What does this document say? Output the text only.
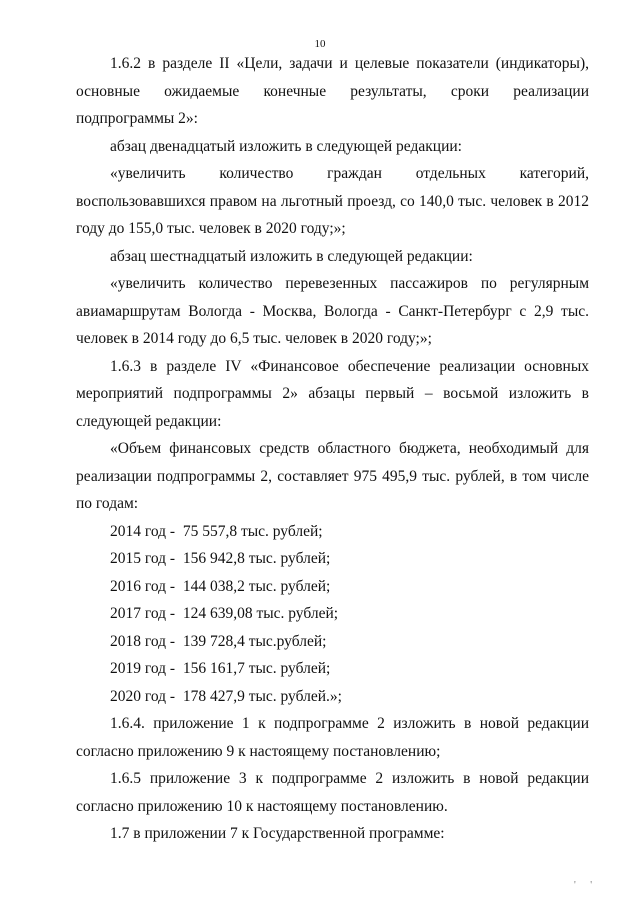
10

1.6.2 в разделе II «Цели, задачи и целевые показатели (индикаторы), основные ожидаемые конечные результаты, сроки реализации подпрограммы 2»:

абзац двенадцатый изложить в следующей редакции:

«увеличить количество граждан отдельных категорий, воспользовавшихся правом на льготный проезд, со 140,0 тыс. человек в 2012 году до 155,0 тыс. человек в 2020 году;»;

абзац шестнадцатый изложить в следующей редакции:

«увеличить количество перевезенных пассажиров по регулярным авиамаршрутам Вологда - Москва, Вологда - Санкт-Петербург с 2,9 тыс. человек в 2014 году до 6,5 тыс. человек в 2020 году;»;

1.6.3 в разделе IV «Финансовое обеспечение реализации основных мероприятий подпрограммы 2» абзацы первый – восьмой изложить в следующей редакции:

«Объем финансовых средств областного бюджета, необходимый для реализации подпрограммы 2, составляет 975 495,9 тыс. рублей, в том числе по годам:

2014 год -  75 557,8 тыс. рублей;
2015 год -  156 942,8 тыс. рублей;
2016 год -  144 038,2 тыс. рублей;
2017 год -  124 639,08 тыс. рублей;
2018 год -  139 728,4 тыс.рублей;
2019 год -  156 161,7 тыс. рублей;
2020 год -  178 427,9 тыс. рублей.»;

1.6.4. приложение 1 к подпрограмме 2 изложить в новой редакции согласно приложению 9 к настоящему постановлению;

1.6.5 приложение 3 к подпрограмме 2 изложить в новой редакции согласно приложению 10 к настоящему постановлению.

1.7 в приложении 7 к Государственной программе:

' '
